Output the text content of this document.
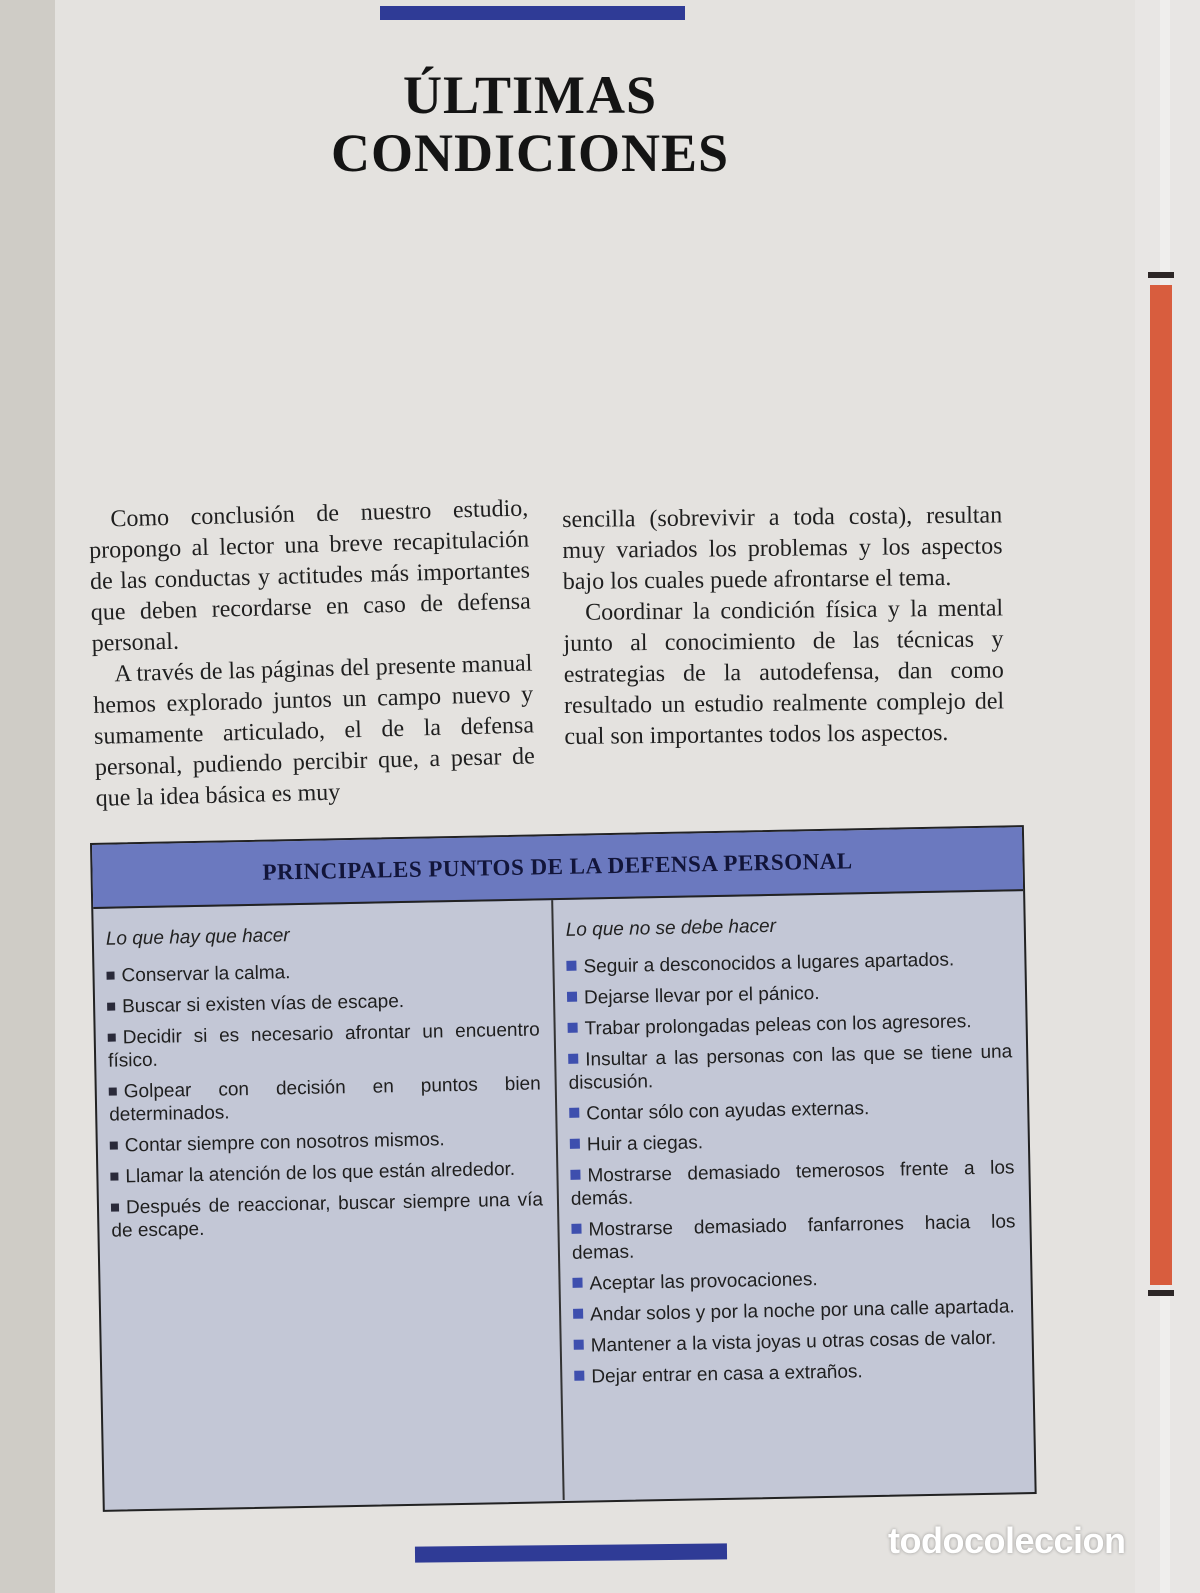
ÚLTIMAS
CONDICIONES

Como conclusión de nuestro estudio, propongo al lector una breve recapitulación de las conductas y actitudes más importantes que deben recordarse en caso de defensa personal.

A través de las páginas del presente manual hemos explorado juntos un campo nuevo y sumamente articulado, el de la defensa personal, pudiendo percibir que, a pesar de que la idea básica es muy

sencilla (sobrevivir a toda costa), resultan muy variados los problemas y los aspectos bajo los cuales puede afrontarse el tema.

Coordinar la condición física y la mental junto al conocimiento de las técnicas y estrategias de la autodefensa, dan como resultado un estudio realmente complejo del cual son importantes todos los aspectos.

PRINCIPALES PUNTOS DE LA DEFENSA PERSONAL
Lo que hay que hacer
Conservar la calma.
Buscar si existen vías de escape.
Decidir si es necesario afrontar un encuentro físico.
Golpear con decisión en puntos bien determinados.
Contar siempre con nosotros mismos.
Llamar la atención de los que están alrededor.
Después de reaccionar, buscar siempre una vía de escape.
Lo que no se debe hacer
Seguir a desconocidos a lugares apartados.
Dejarse llevar por el pánico.
Trabar prolongadas peleas con los agresores.
Insultar a las personas con las que se tiene una discusión.
Contar sólo con ayudas externas.
Huir a ciegas.
Mostrarse demasiado temerosos frente a los demás.
Mostrarse demasiado fanfarrones hacia los demas.
Aceptar las provocaciones.
Andar solos y por la noche por una calle apartada.
Mantener a la vista joyas u otras cosas de valor.
Dejar entrar en casa a extraños.
todocoleccion
